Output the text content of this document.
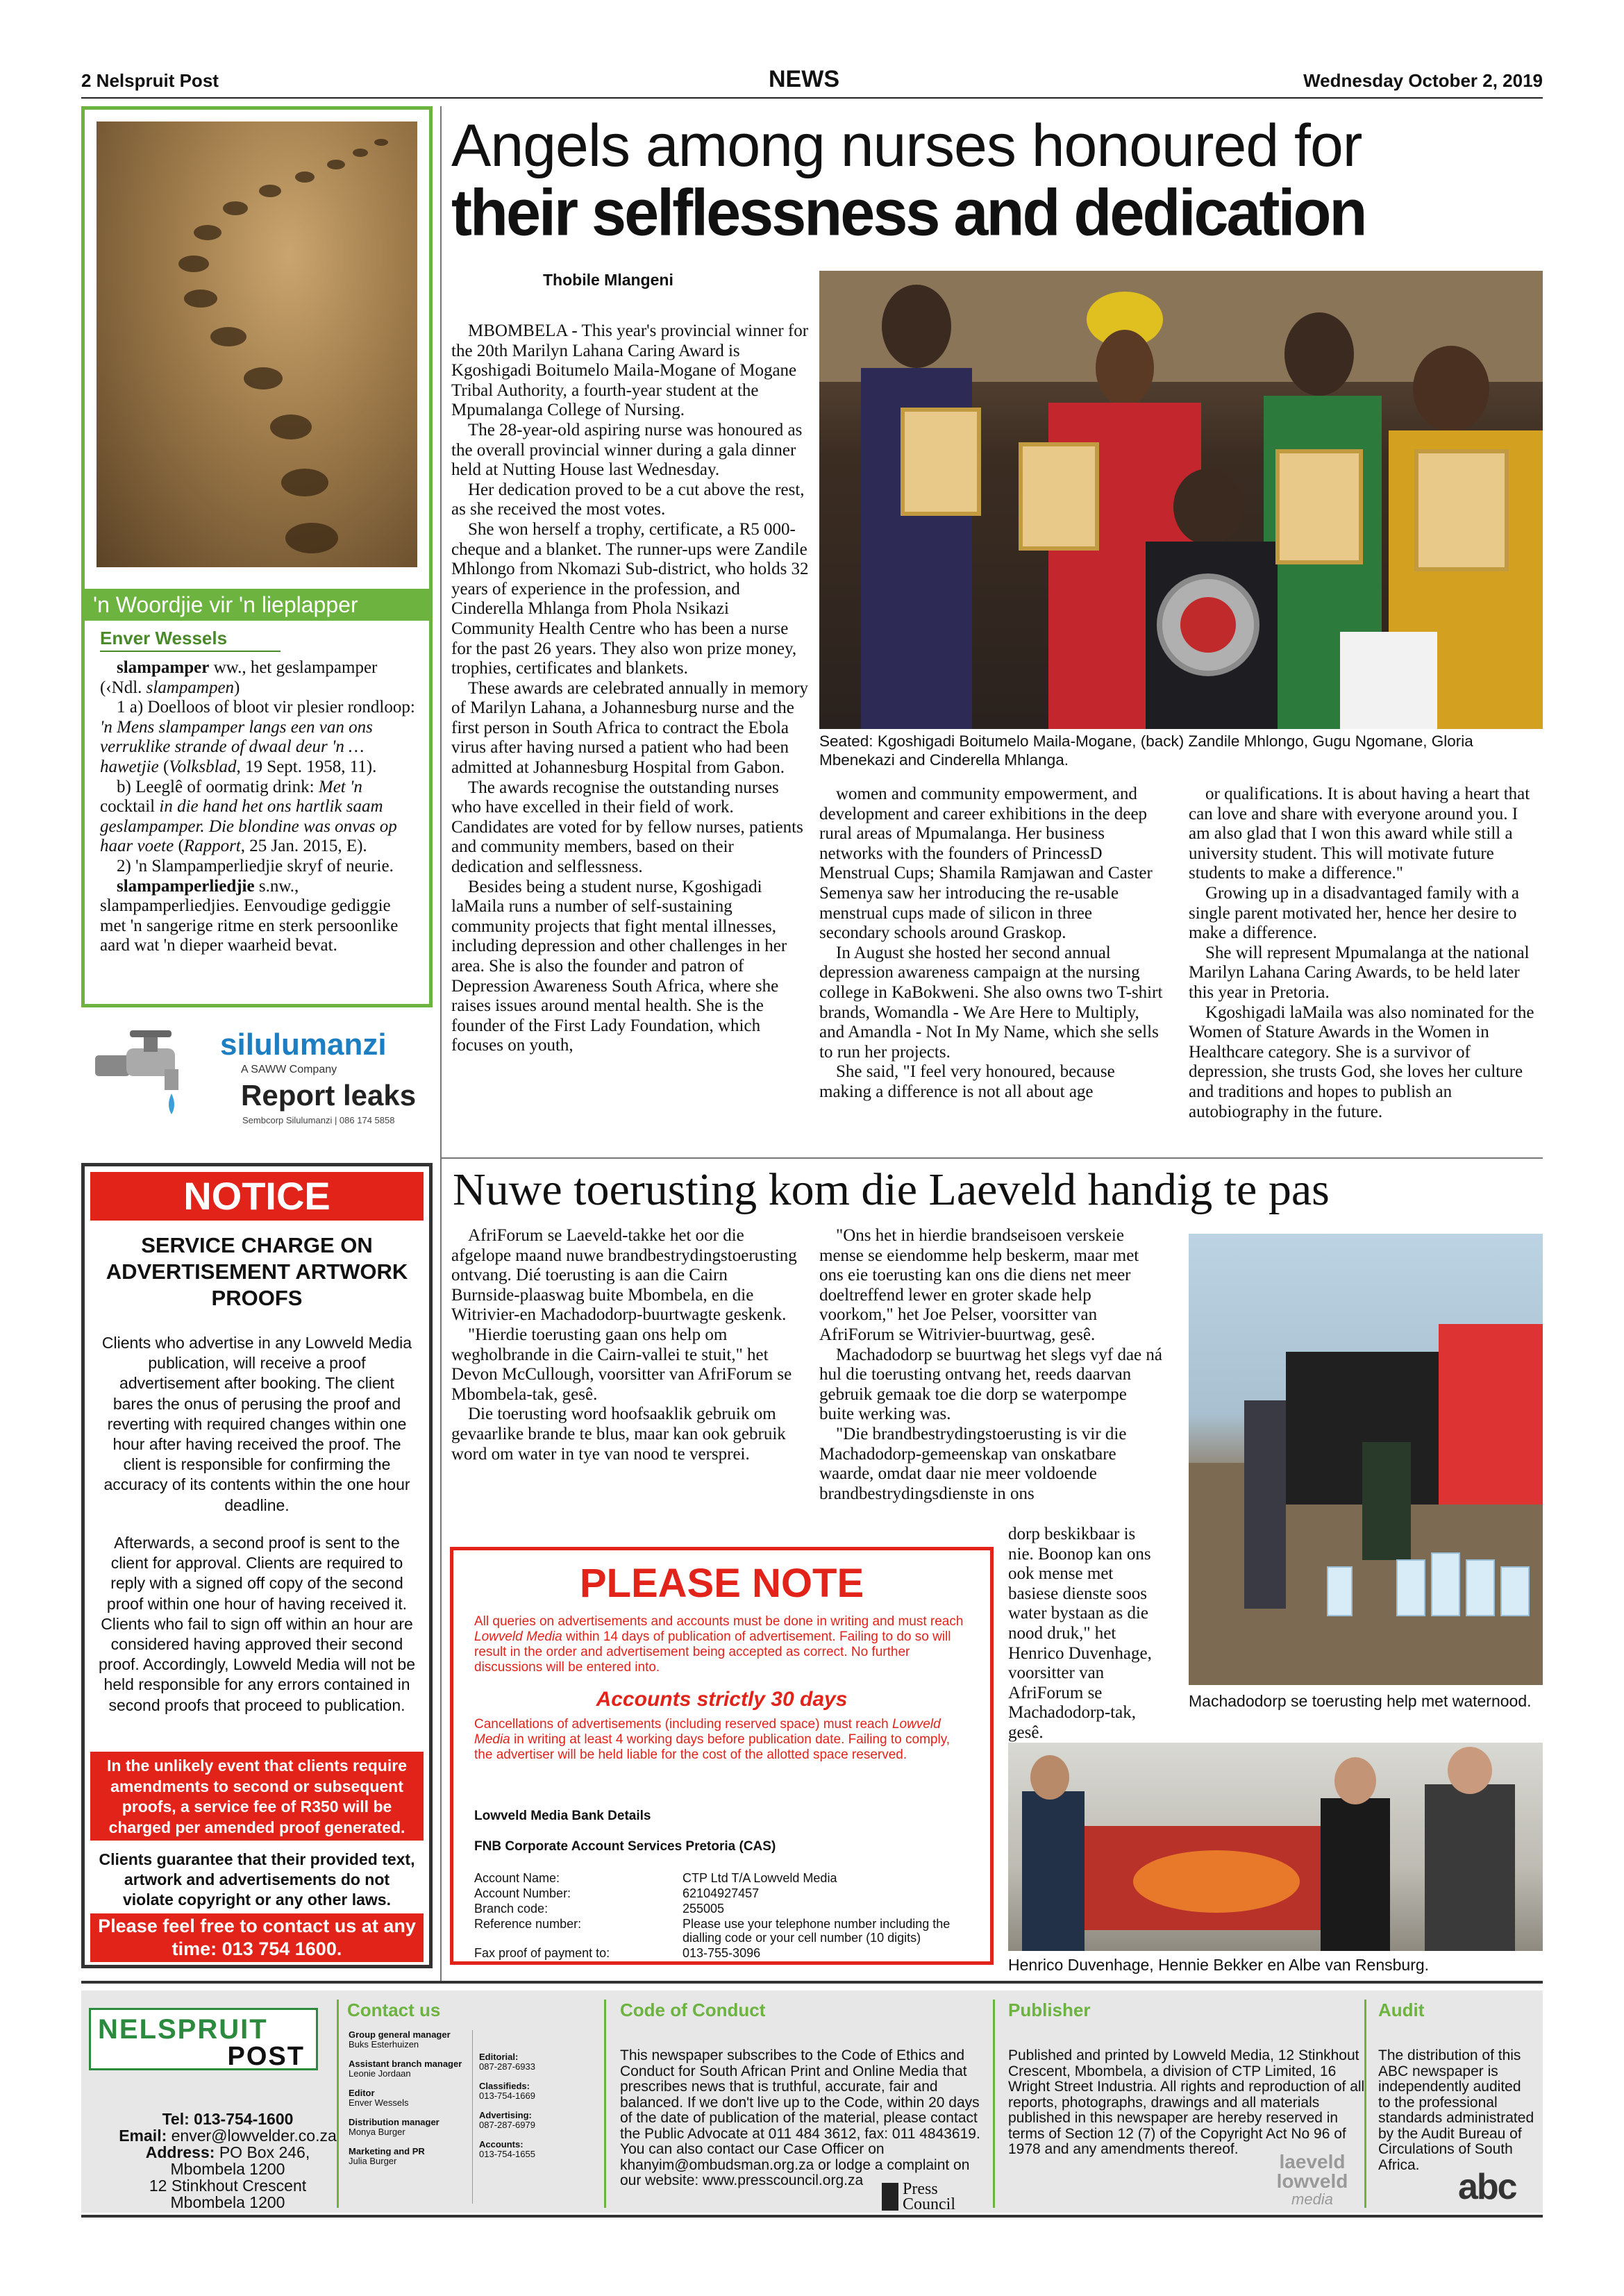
2 Nelspruit Post	NEWS	Wednesday October 2, 2019
'n Woordjie vir 'n lieplapper
Enver Wessels

slampamper ww., het geslampamper (‹Ndl. slampampen)

1 a) Doelloos of bloot vir plesier rondloop: 'n Mens slampamper langs een van ons verruklike strande of dwaal deur 'n … hawetjie (Volksblad, 19 Sept. 1958, 11).

b) Leeglê of oormatig drink: Met 'n cocktail in die hand het ons hartlik saam geslampamper. Die blondine was onvas op haar voete (Rapport, 25 Jan. 2015, E).

2) 'n Slampamperliedjie skryf of neurie.

slampamperliedjie s.nw., slampamperliedjies. Eenvoudige gediggie met 'n sangerige ritme en sterk persoonlike aard wat 'n dieper waarheid bevat.

silulumanzi
A SAWW Company
Report leaks
Sembcorp Silulumanzi | 086 174 5858
NOTICE
SERVICE CHARGE ON ADVERTISEMENT ARTWORK PROOFS
Clients who advertise in any Lowveld Media publication, will receive a proof advertisement after booking. The client bares the onus of perusing the proof and reverting with required changes within one hour after having received the proof. The client is responsible for confirming the accuracy of its contents within the one hour deadline.
Afterwards, a second proof is sent to the client for approval. Clients are required to reply with a signed off copy of the second proof within one hour of having received it. Clients who fail to sign off within an hour are considered having approved their second proof. Accordingly, Lowveld Media will not be held responsible for any errors contained in second proofs that proceed to publication.
In the unlikely event that clients require amendments to second or subsequent proofs, a service fee of R350 will be charged per amended proof generated.
Clients guarantee that their provided text, artwork and advertisements do not violate copyright or any other laws.
Please feel free to contact us at any time: 013 754 1600.
Angels among nurses honoured for
their selflessness and dedication
Thobile Mlangeni
Seated: Kgoshigadi Boitumelo Maila-Mogane, (back) Zandile Mhlongo, Gugu Ngomane, Gloria Mbenekazi and Cinderella Mhlanga.

MBOMBELA - This year's provincial winner for the 20th Marilyn Lahana Caring Award is Kgoshigadi Boitumelo Maila-Mogane of Mogane Tribal Authority, a fourth-year student at the Mpumalanga College of Nursing.

The 28-year-old aspiring nurse was honoured as the overall provincial winner during a gala dinner held at Nutting House last Wednesday.

Her dedication proved to be a cut above the rest, as she received the most votes.

She won herself a trophy, certificate, a R5 000-cheque and a blanket. The runner-ups were Zandile Mhlongo from Nkomazi Sub-district, who holds 32 years of experience in the profession, and Cinderella Mhlanga from Phola Nsikazi Community Health Centre who has been a nurse for the past 26 years. They also won prize money, trophies, certificates and blankets.

These awards are celebrated annually in memory of Marilyn Lahana, a Johannesburg nurse and the first person in South Africa to contract the Ebola virus after having nursed a patient who had been admitted at Johannesburg Hospital from Gabon.

The awards recognise the outstanding nurses who have excelled in their field of work. Candidates are voted for by fellow nurses, patients and community members, based on their dedication and selflessness.

Besides being a student nurse, Kgoshigadi laMaila runs a number of self-sustaining community projects that fight mental illnesses, including depression and other challenges in her area. She is also the founder and patron of Depression Awareness South Africa, where she raises issues around mental health. She is the founder of the First Lady Foundation, which focuses on youth,

women and community empowerment, and development and career exhibitions in the deep rural areas of Mpumalanga. Her business networks with the founders of PrincessD Menstrual Cups; Shamila Ramjawan and Caster Semenya saw her introducing the re-usable menstrual cups made of silicon in three secondary schools around Graskop.

In August she hosted her second annual depression awareness campaign at the nursing college in KaBokweni. She also owns two T-shirt brands, Womandla - We Are Here to Multiply, and Amandla - Not In My Name, which she sells to run her projects.

She said, "I feel very honoured, because making a difference is not all about age

or qualifications. It is about having a heart that can love and share with everyone around you. I am also glad that I won this award while still a university student. This will motivate future students to make a difference."

Growing up in a disadvantaged family with a single parent motivated her, hence her desire to make a difference.

She will represent Mpumalanga at the national Marilyn Lahana Caring Awards, to be held later this year in Pretoria.

Kgoshigadi laMaila was also nominated for the Women of Stature Awards in the Women in Healthcare category. She is a survivor of depression, she trusts God, she loves her culture and traditions and hopes to publish an autobiography in the future.

Nuwe toerusting kom die Laeveld handig te pas

AfriForum se Laeveld-takke het oor die afgelope maand nuwe brandbestrydingstoerusting ontvang. Dié toerusting is aan die Cairn Burnside-plaaswag buite Mbombela, en die Witrivier-en Machadodorp-buurtwagte geskenk.

"Hierdie toerusting gaan ons help om wegholbrande in die Cairn-vallei te stuit," het Devon McCullough, voorsitter van AfriForum se Mbombela-tak, gesê.

Die toerusting word hoofsaaklik gebruik om gevaarlike brande te blus, maar kan ook gebruik word om water in tye van nood te versprei.

"Ons het in hierdie brandseisoen verskeie mense se eiendomme help beskerm, maar met ons eie toerusting kan ons die diens net meer doeltreffend lewer en groter skade help voorkom," het Joe Pelser, voorsitter van AfriForum se Witrivier-buurtwag, gesê.

Machadodorp se buurtwag het slegs vyf dae ná hul die toerusting ontvang het, reeds daarvan gebruik gemaak toe die dorp se waterpompe buite werking was.

"Die brandbestrydingstoerusting is vir die Machadodorp-gemeenskap van onskatbare waarde, omdat daar nie meer voldoende brandbestrydingsdienste in ons

dorp beskikbaar is nie. Boonop kan ons ook mense met basiese dienste soos water bystaan as die nood druk," het Henrico Duvenhage, voorsitter van AfriForum se Machadodorp-tak, gesê.
Machadodorp se toerusting help met waternood.
Henrico Duvenhage, Hennie Bekker en Albe van Rensburg.
PLEASE NOTE
All queries on advertisements and accounts must be done in writing and must reach Lowveld Media within 14 days of publication of advertisement. Failing to do so will result in the order and advertisement being accepted as correct. No further discussions will be entered into.
Accounts strictly 30 days
Cancellations of advertisements (including reserved space) must reach Lowveld Media in writing at least 4 working days before publication date. Failing to comply, the advertiser will be held liable for the cost of the allotted space reserved.
Lowveld Media Bank Details
FNB Corporate Account Services Pretoria (CAS)
Account Name:	CTP Ltd T/A Lowveld Media
Account Number:	62104927457
Branch code:	255005
Reference number:	Please use your telephone number including the dialling code or your cell number (10 digits)
Fax proof of payment to:	013-755-3096
NELSPRUIT
POST
Tel: 013-754-1600
Email: enver@lowvelder.co.za
Address: PO Box 246,
Mbombela 1200
12 Stinkhout Crescent
Mbombela 1200
Contact us
Group general manager
Buks Esterhuizen
Assistant branch manager
Leonie Jordaan
Editor
Enver Wessels
Distribution manager
Monya Burger
Marketing and PR
Julia Burger
Editorial:
087-287-6933
Classifieds:
013-754-1669
Advertising:
087-287-6979
Accounts:
013-754-1655
Code of Conduct
This newspaper subscribes to the Code of Ethics and Conduct for South African Print and Online Media that prescribes news that is truthful, accurate, fair and balanced. If we don't live up to the Code, within 20 days of the date of publication of the material, please contact the Public Advocate at 011 484 3612, fax: 011 4843619. You can also contact our Case Officer on khanyim@ombudsman.org.za or lodge a complaint on our website: www.presscouncil.org.za	Press
Council
Publisher
Published and printed by Lowveld Media, 12 Stinkhout Crescent, Mbombela, a division of CTP Limited, 16 Wright Street Industria. All rights and reproduction of all reports, photographs, drawings and all materials published in this newspaper are hereby reserved in terms of Section 12 (7) of the Copyright Act No 96 of 1978 and any amendments thereof.
laeveld
lowveld
media
Audit
The distribution of this ABC newspaper is independently audited to the professional standards administrated by the Audit Bureau of Circulations of South Africa.
abc
